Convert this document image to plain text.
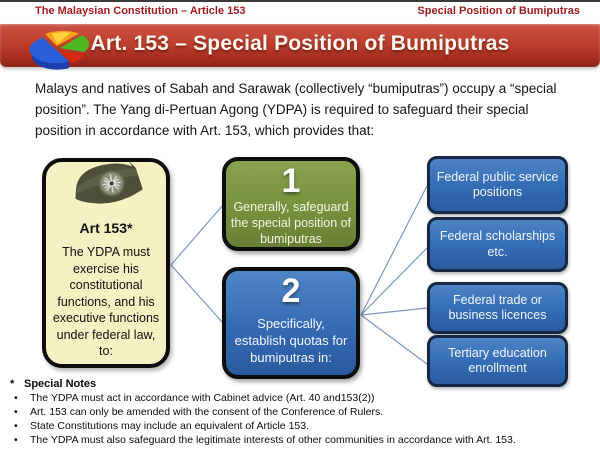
The Malaysian Constitution – Article 153	Special Position of Bumiputras
Art. 153 – Special Position of Bumiputras
Malays and natives of Sabah and Sarawak (collectively “bumiputras”) occupy a “special position”. The Yang di-Pertuan Agong (YDPA) is required to safeguard their special position in accordance with Art. 153, which provides that:
Art 153*
The YDPA must exercise his constitutional functions, and his executive functions under federal law, to:
1
Generally, safeguard the special position of bumiputras
2
Specifically, establish quotas for bumiputras in:
Federal public service positions
Federal scholarships etc.
Federal trade or business licences
Tertiary education enrollment
* Special Notes
• The YDPA must act in accordance with Cabinet advice (Art. 40 and153(2))
• Art. 153 can only be amended with the consent of the Conference of Rulers.
• State Constitutions may include an equivalent of Article 153.
• The YDPA must also safeguard the legitimate interests of other communities in accordance with Art. 153.
